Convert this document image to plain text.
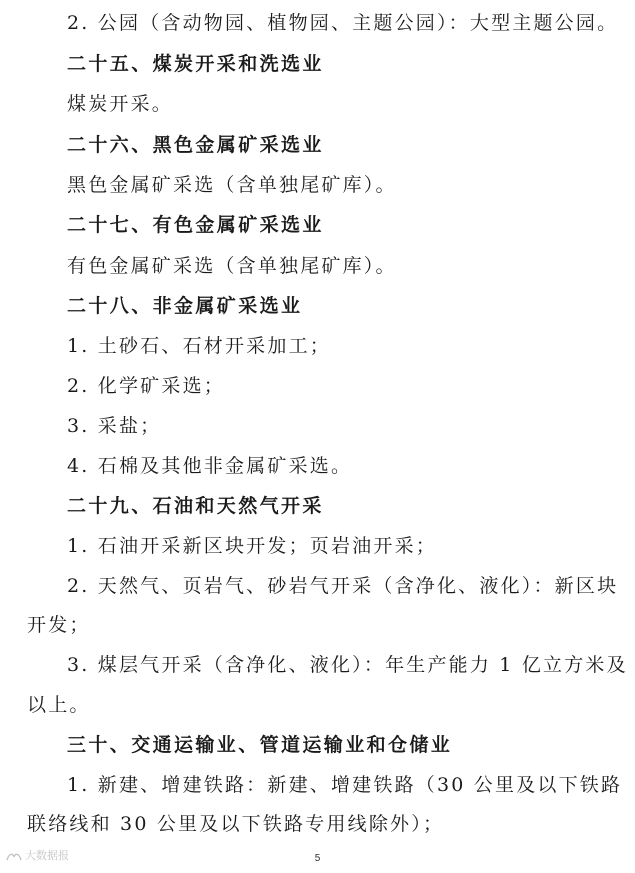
2. 公园（含动物园、植物园、主题公园）：大型主题公园。
二十五、煤炭开采和洗选业
煤炭开采。
二十六、黑色金属矿采选业
黑色金属矿采选（含单独尾矿库）。
二十七、有色金属矿采选业
有色金属矿采选（含单独尾矿库）。
二十八、非金属矿采选业
1. 土砂石、石材开采加工；
2. 化学矿采选；
3. 采盐；
4. 石棉及其他非金属矿采选。
二十九、石油和天然气开采
1. 石油开采新区块开发；页岩油开采；
2. 天然气、页岩气、砂岩气开采（含净化、液化）：新区块
开发；
3. 煤层气开采（含净化、液化）：年生产能力 1 亿立方米及
以上。
三十、交通运输业、管道运输业和仓储业
1. 新建、增建铁路：新建、增建铁路（30 公里及以下铁路
联络线和 30 公里及以下铁路专用线除外）；
5
大数据报
